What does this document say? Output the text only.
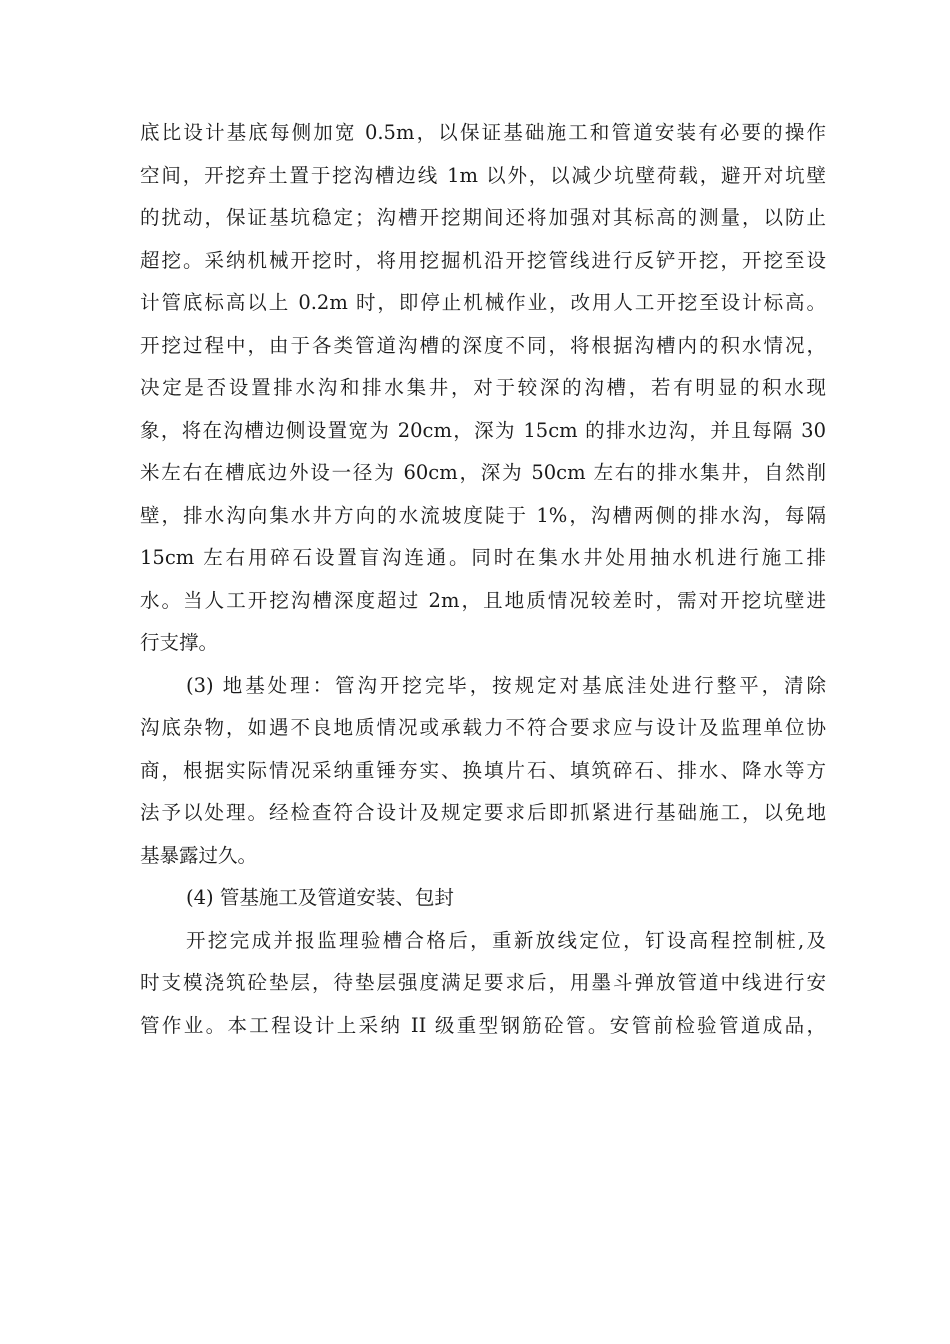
底比设计基底每侧加宽 0.5m，以保证基础施工和管道安装有必要的操作
空间，开挖弃土置于挖沟槽边线 1m 以外，以减少坑壁荷载，避开对坑壁
的扰动，保证基坑稳定；沟槽开挖期间还将加强对其标高的测量，以防止
超挖。采纳机械开挖时，将用挖掘机沿开挖管线进行反铲开挖，开挖至设
计管底标高以上 0.2m 时，即停止机械作业，改用人工开挖至设计标高。
开挖过程中，由于各类管道沟槽的深度不同，将根据沟槽内的积水情况，
决定是否设置排水沟和排水集井，对于较深的沟槽，若有明显的积水现
象，将在沟槽边侧设置宽为 20cm，深为 15cm 的排水边沟，并且每隔 30
米左右在槽底边外设一径为 60cm，深为 50cm 左右的排水集井，自然削
壁，排水沟向集水井方向的水流坡度陡于 1%，沟槽两侧的排水沟，每隔
15cm 左右用碎石设置盲沟连通。同时在集水井处用抽水机进行施工排
水。当人工开挖沟槽深度超过 2m，且地质情况较差时，需对开挖坑壁进
行支撑。
(3) 地基处理：管沟开挖完毕，按规定对基底洼处进行整平，清除
沟底杂物，如遇不良地质情况或承载力不符合要求应与设计及监理单位协
商，根据实际情况采纳重锤夯实、换填片石、填筑碎石、排水、降水等方
法予以处理。经检查符合设计及规定要求后即抓紧进行基础施工，以免地
基暴露过久。
(4) 管基施工及管道安装、包封
开挖完成并报监理验槽合格后，重新放线定位，钉设高程控制桩,及
时支模浇筑砼垫层，待垫层强度满足要求后，用墨斗弹放管道中线进行安
管作业。本工程设计上采纳 II 级重型钢筋砼管。安管前检验管道成品，
